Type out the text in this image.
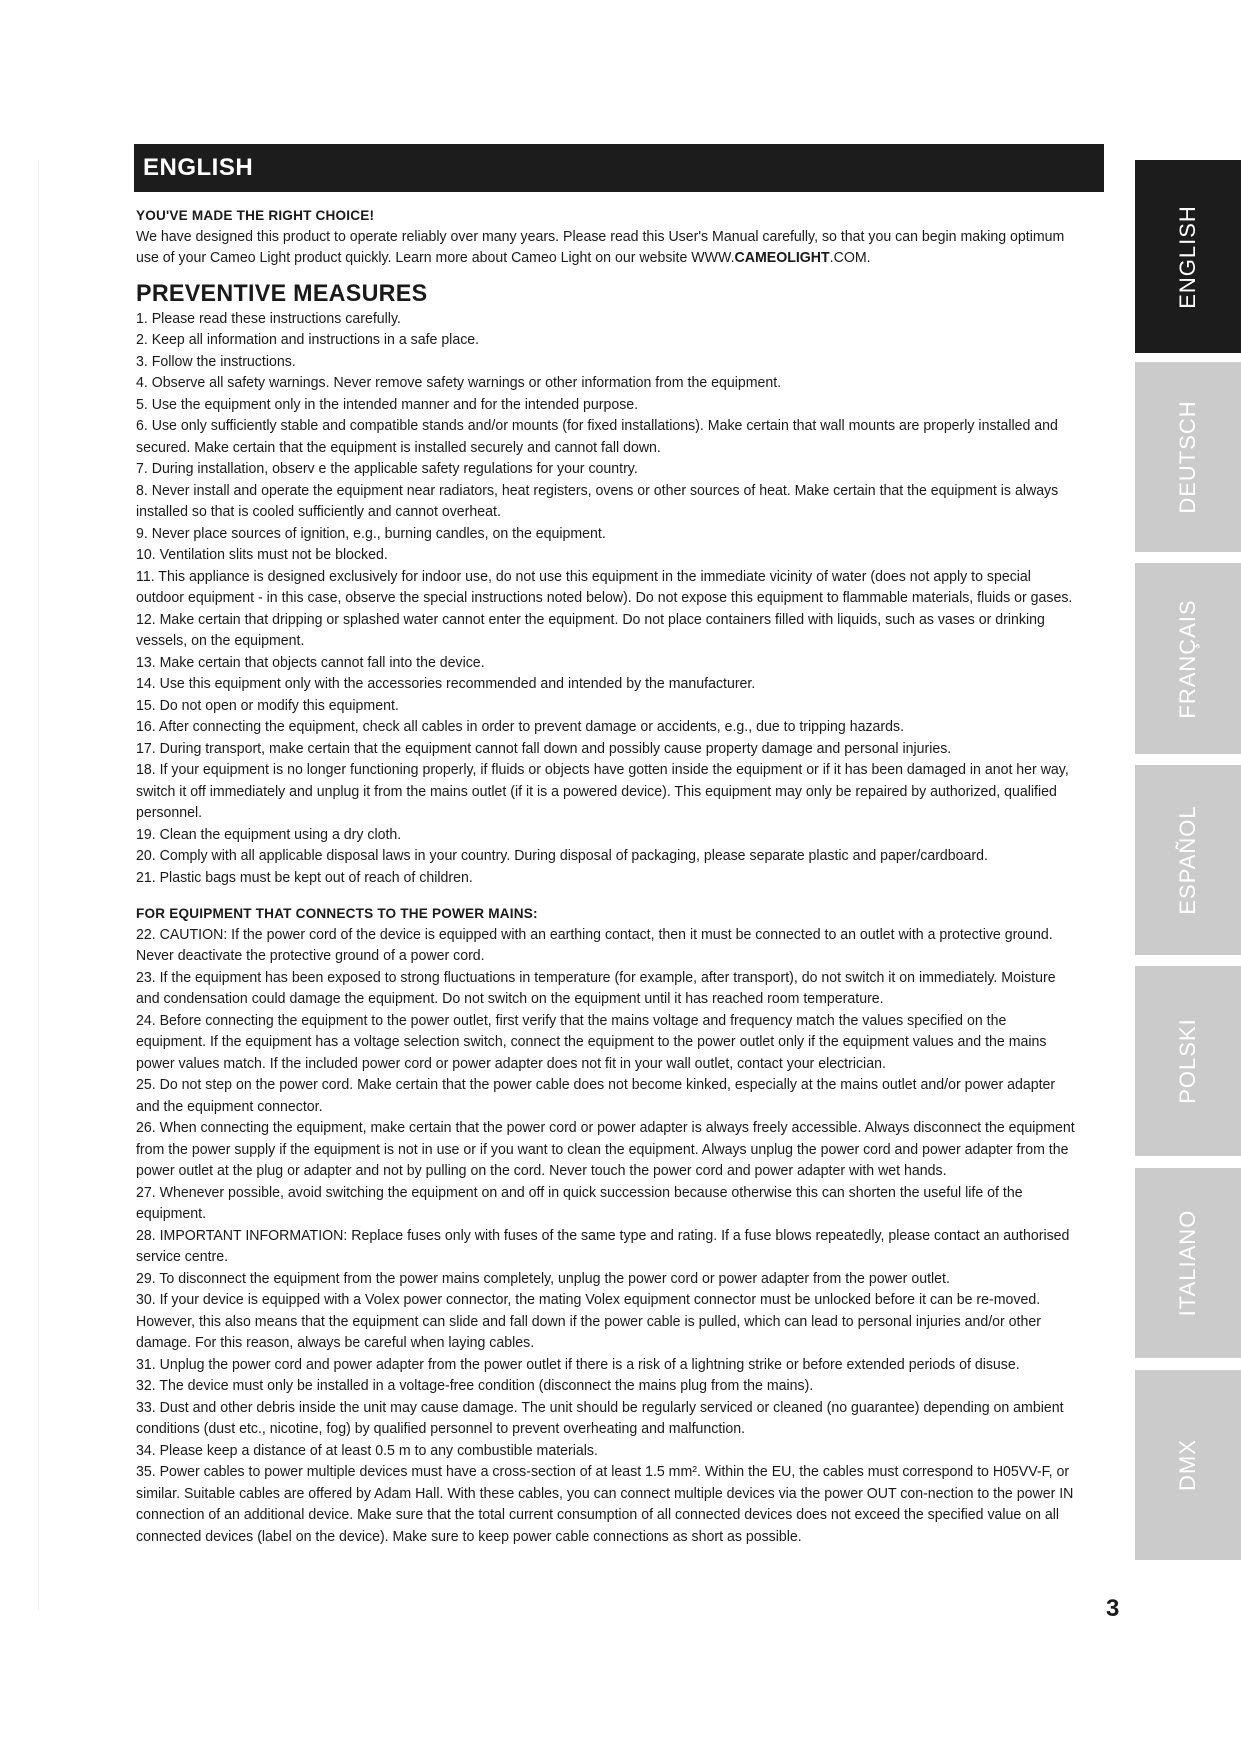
ENGLISH

YOU'VE MADE THE RIGHT CHOICE!

We have designed this product to operate reliably over many years. Please read this User's Manual carefully, so that you can begin making optimum use of your Cameo Light product quickly. Learn more about Cameo Light on our website WWW.CAMEOLIGHT.COM.

PREVENTIVE MEASURES

1. Please read these instructions carefully.

2. Keep all information and instructions in a safe place.

3. Follow the instructions.

4. Observe all safety warnings. Never remove safety warnings or other information from the equipment.

5. Use the equipment only in the intended manner and for the intended purpose.

6. Use only sufficiently stable and compatible stands and/or mounts (for fixed installations). Make certain that wall mounts are properly installed and secured. Make certain that the equipment is installed securely and cannot fall down.

7. During installation, observ e the applicable safety regulations for your country.

8. Never install and operate the equipment near radiators, heat registers, ovens or other sources of heat. Make certain that the equipment is always installed so that is cooled sufficiently and cannot overheat.

9. Never place sources of ignition, e.g., burning candles, on the equipment.

10. Ventilation slits must not be blocked.

11. This appliance is designed exclusively for indoor use, do not use this equipment in the immediate vicinity of water (does not apply to special outdoor equipment - in this case, observe the special instructions noted below). Do not expose this equipment to flammable materials, fluids or gases.

12. Make certain that dripping or splashed water cannot enter the equipment. Do not place containers filled with liquids, such as vases or drinking vessels, on the equipment.

13. Make certain that objects cannot fall into the device.

14. Use this equipment only with the accessories recommended and intended by the manufacturer.

15. Do not open or modify this equipment.

16. After connecting the equipment, check all cables in order to prevent damage or accidents, e.g., due to tripping hazards.

17. During transport, make certain that the equipment cannot fall down and possibly cause property damage and personal injuries.

18. If your equipment is no longer functioning properly, if fluids or objects have gotten inside the equipment or if it has been damaged in anot her way, switch it off immediately and unplug it from the mains outlet (if it is a powered device). This equipment may only be repaired by authorized, qualified personnel.

19. Clean the equipment using a dry cloth.

20. Comply with all applicable disposal laws in your country. During disposal of packaging, please separate plastic and paper/cardboard.

21. Plastic bags must be kept out of reach of children.

FOR EQUIPMENT THAT CONNECTS TO THE POWER MAINS:

22. CAUTION: If the power cord of the device is equipped with an earthing contact, then it must be connected to an outlet with a protective ground. Never deactivate the protective ground of a power cord.

23. If the equipment has been exposed to strong fluctuations in temperature (for example, after transport), do not switch it on immediately. Moisture and condensation could damage the equipment. Do not switch on the equipment until it has reached room temperature.

24. Before connecting the equipment to the power outlet, first verify that the mains voltage and frequency match the values specified on the equipment. If the equipment has a voltage selection switch, connect the equipment to the power outlet only if the equipment values and the mains power values match. If the included power cord or power adapter does not fit in your wall outlet, contact your electrician.

25. Do not step on the power cord. Make certain that the power cable does not become kinked, especially at the mains outlet and/or power adapter and the equipment connector.

26. When connecting the equipment, make certain that the power cord or power adapter is always freely accessible. Always disconnect the equipment from the power supply if the equipment is not in use or if you want to clean the equipment. Always unplug the power cord and power adapter from the power outlet at the plug or adapter and not by pulling on the cord. Never touch the power cord and power adapter with wet hands.

27. Whenever possible, avoid switching the equipment on and off in quick succession because otherwise this can shorten the useful life of the equipment.

28. IMPORTANT INFORMATION: Replace fuses only with fuses of the same type and rating. If a fuse blows repeatedly, please contact an authorised service centre.

29. To disconnect the equipment from the power mains completely, unplug the power cord or power adapter from the power outlet.

30. If your device is equipped with a Volex power connector, the mating Volex equipment connector must be unlocked before it can be re-moved. However, this also means that the equipment can slide and fall down if the power cable is pulled, which can lead to personal injuries and/or other damage. For this reason, always be careful when laying cables.

31. Unplug the power cord and power adapter from the power outlet if there is a risk of a lightning strike or before extended periods of disuse.

32. The device must only be installed in a voltage-free condition (disconnect the mains plug from the mains).

33. Dust and other debris inside the unit may cause damage. The unit should be regularly serviced or cleaned (no guarantee) depending on ambient conditions (dust etc., nicotine, fog) by qualified personnel to prevent overheating and malfunction.

34. Please keep a distance of at least 0.5 m to any combustible materials.

35. Power cables to power multiple devices must have a cross-section of at least 1.5 mm². Within the EU, the cables must correspond to H05VV-F, or similar. Suitable cables are offered by Adam Hall. With these cables, you can connect multiple devices via the power OUT con-nection to the power IN connection of an additional device. Make sure that the total current consumption of all connected devices does not exceed the specified value on all connected devices (label on the device). Make sure to keep power cable connections as short as possible.

3
ENGLISH
DEUTSCH
FRANÇAIS
ESPAÑOL
POLSKI
ITALIANO
DMX
